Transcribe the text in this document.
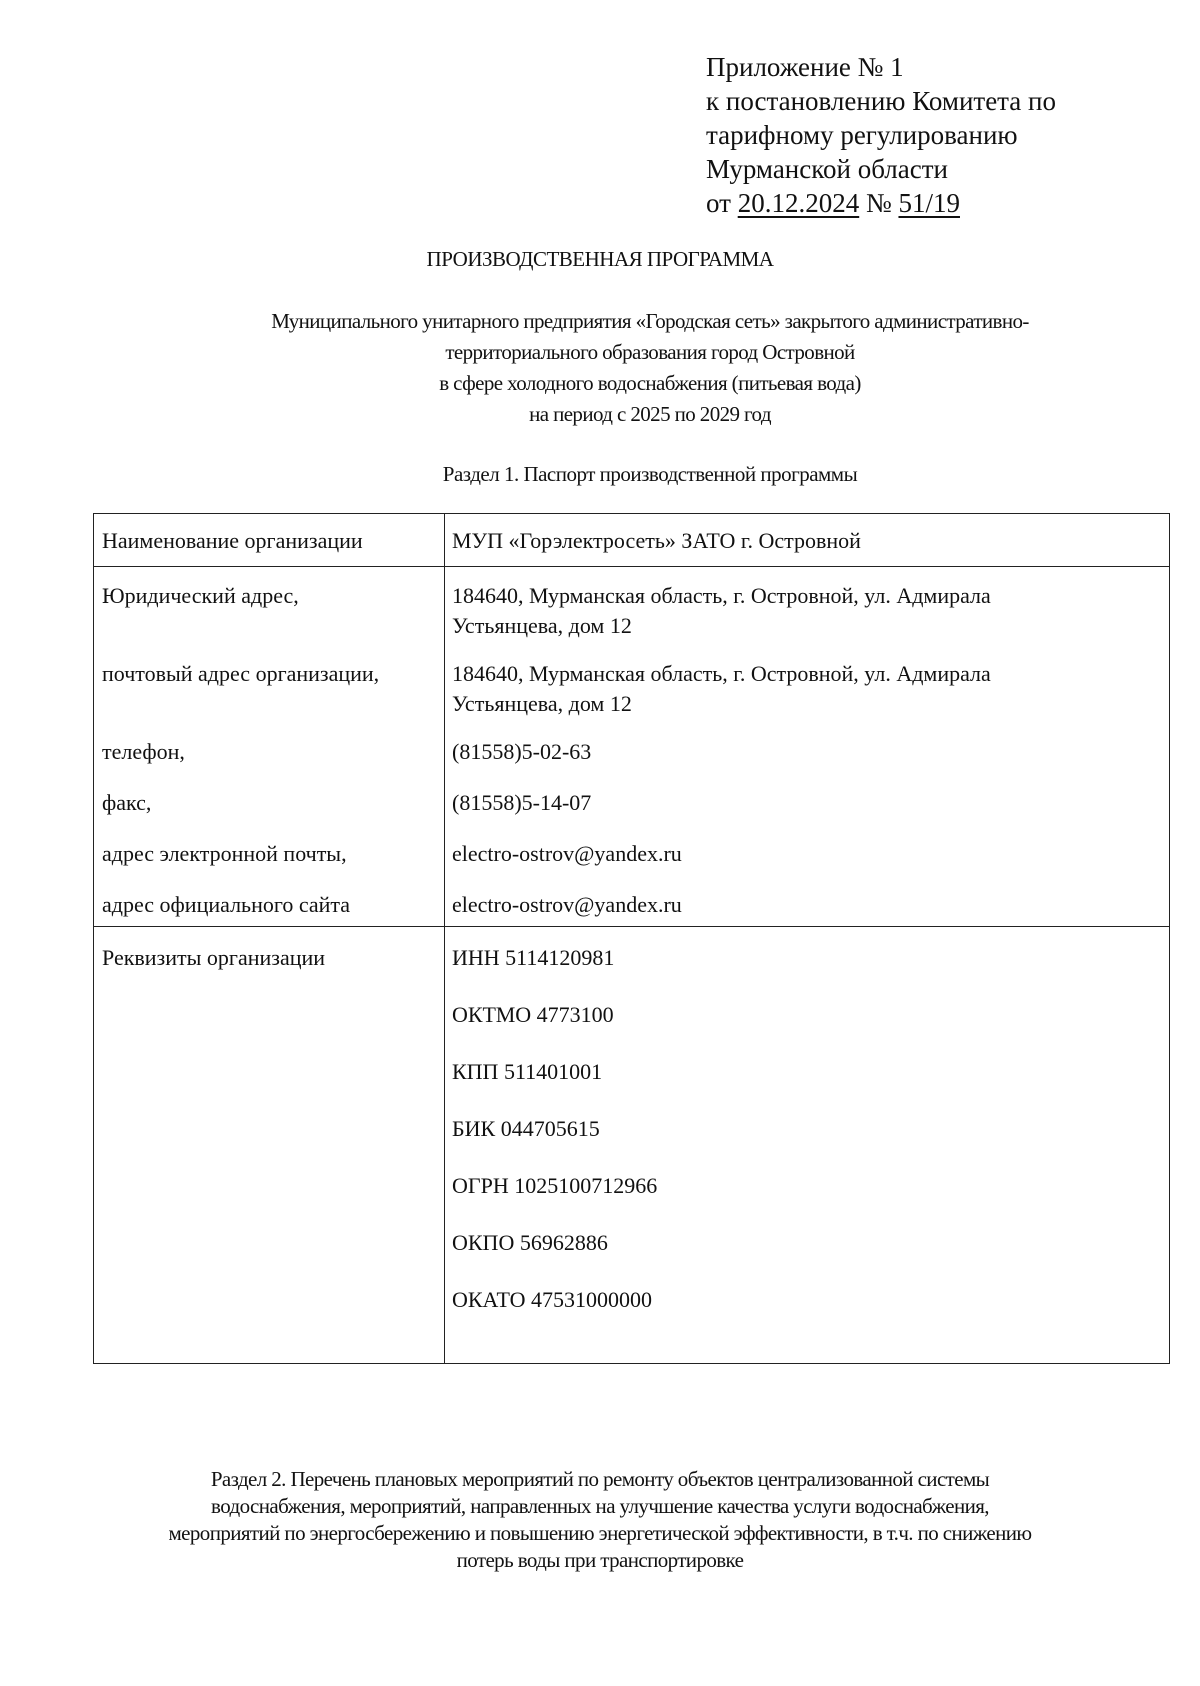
Приложение № 1
к постановлению Комитета по
тарифному регулированию
Мурманской области
от 20.12.2024 № 51/19
ПРОИЗВОДСТВЕННАЯ ПРОГРАММА
Муниципального унитарного предприятия «Городская сеть» закрытого административно-
территориального образования город Островной
в сфере холодного водоснабжения (питьевая вода)
на период с 2025 по 2029 год
Раздел 1. Паспорт производственной программы
Наименование организации	МУП «Горэлектросеть» ЗАТО г. Островной
Юридический адрес,	184640, Мурманская область, г. Островной, ул. Адмирала
Устьянцева, дом 12
почтовый адрес организации,	184640, Мурманская область, г. Островной, ул. Адмирала
Устьянцева, дом 12
телефон,	(81558)5-02-63
факс,	(81558)5-14-07
адрес электронной почты,	electro-ostrov@yandex.ru
адрес официального сайта	electro-ostrov@yandex.ru
Реквизиты организации	ИНН 5114120981
ОКТМО 4773100
КПП 511401001
БИК 044705615
ОГРН 1025100712966
ОКПО 56962886
ОКАТО 47531000000
Раздел 2. Перечень плановых мероприятий по ремонту объектов централизованной системы
водоснабжения, мероприятий, направленных на улучшение качества услуги водоснабжения,
мероприятий по энергосбережению и повышению энергетической эффективности, в т.ч. по снижению
потерь воды при транспортировке
